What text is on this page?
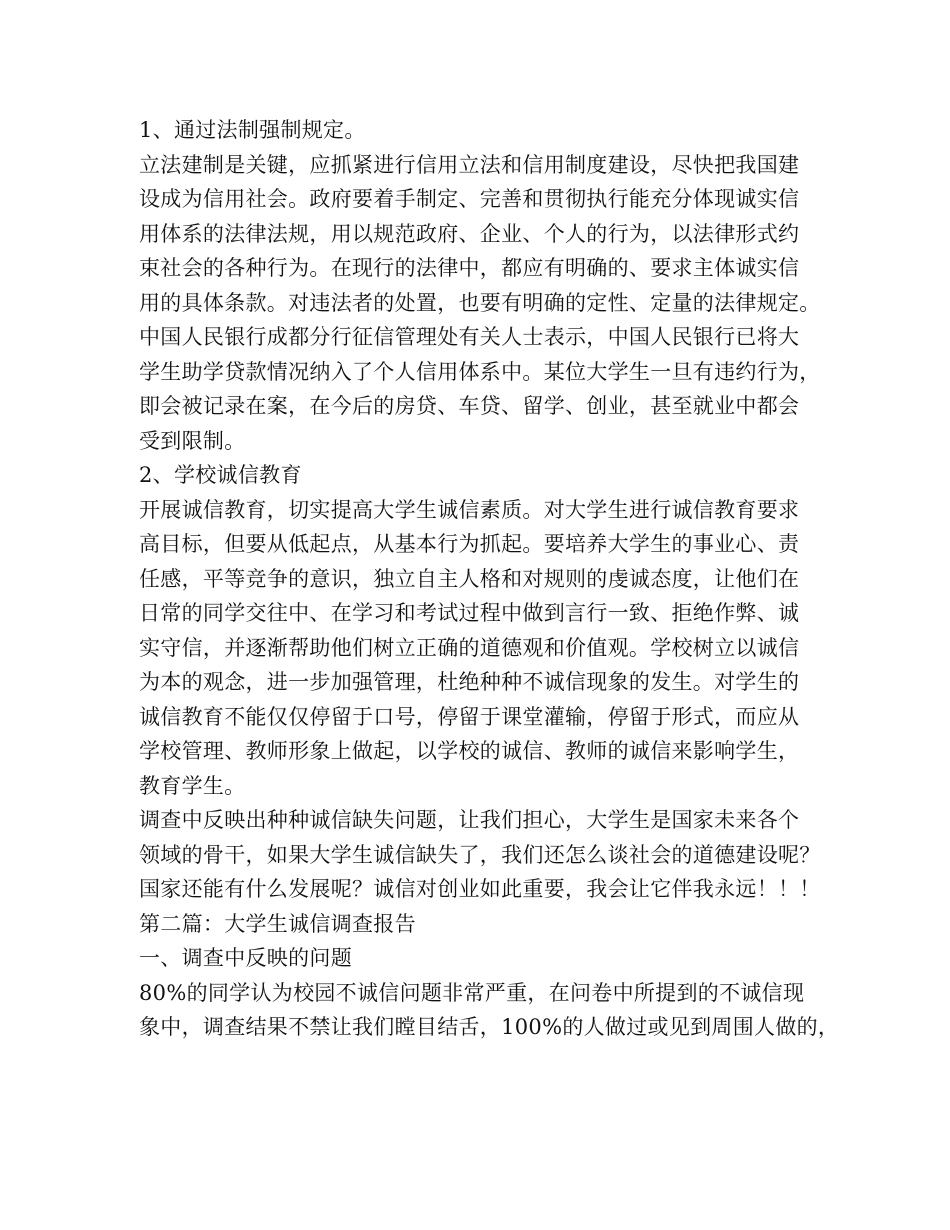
1、通过法制强制规定。
立法建制是关键，应抓紧进行信用立法和信用制度建设，尽快把我国建
设成为信用社会。政府要着手制定、完善和贯彻执行能充分体现诚实信
用体系的法律法规，用以规范政府、企业、个人的行为，以法律形式约
束社会的各种行为。在现行的法律中，都应有明确的、要求主体诚实信
用的具体条款。对违法者的处置，也要有明确的定性、定量的法律规定。
中国人民银行成都分行征信管理处有关人士表示，中国人民银行已将大
学生助学贷款情况纳入了个人信用体系中。某位大学生一旦有违约行为，
即会被记录在案，在今后的房贷、车贷、留学、创业，甚至就业中都会
受到限制。
2、学校诚信教育
开展诚信教育，切实提高大学生诚信素质。对大学生进行诚信教育要求
高目标，但要从低起点，从基本行为抓起。要培养大学生的事业心、责
任感，平等竞争的意识，独立自主人格和对规则的虔诚态度，让他们在
日常的同学交往中、在学习和考试过程中做到言行一致、拒绝作弊、诚
实守信，并逐渐帮助他们树立正确的道德观和价值观。学校树立以诚信
为本的观念，进一步加强管理，杜绝种种不诚信现象的发生。对学生的
诚信教育不能仅仅停留于口号，停留于课堂灌输，停留于形式，而应从
学校管理、教师形象上做起，以学校的诚信、教师的诚信来影响学生，
教育学生。
调查中反映出种种诚信缺失问题，让我们担心，大学生是国家未来各个
领域的骨干，如果大学生诚信缺失了，我们还怎么谈社会的道德建设呢？
国家还能有什么发展呢？诚信对创业如此重要，我会让它伴我永远！！！
第二篇：大学生诚信调查报告
一、调查中反映的问题
80%的同学认为校园不诚信问题非常严重，在问卷中所提到的不诚信现
象中，调查结果不禁让我们瞠目结舌，100%的人做过或见到周围人做的，
